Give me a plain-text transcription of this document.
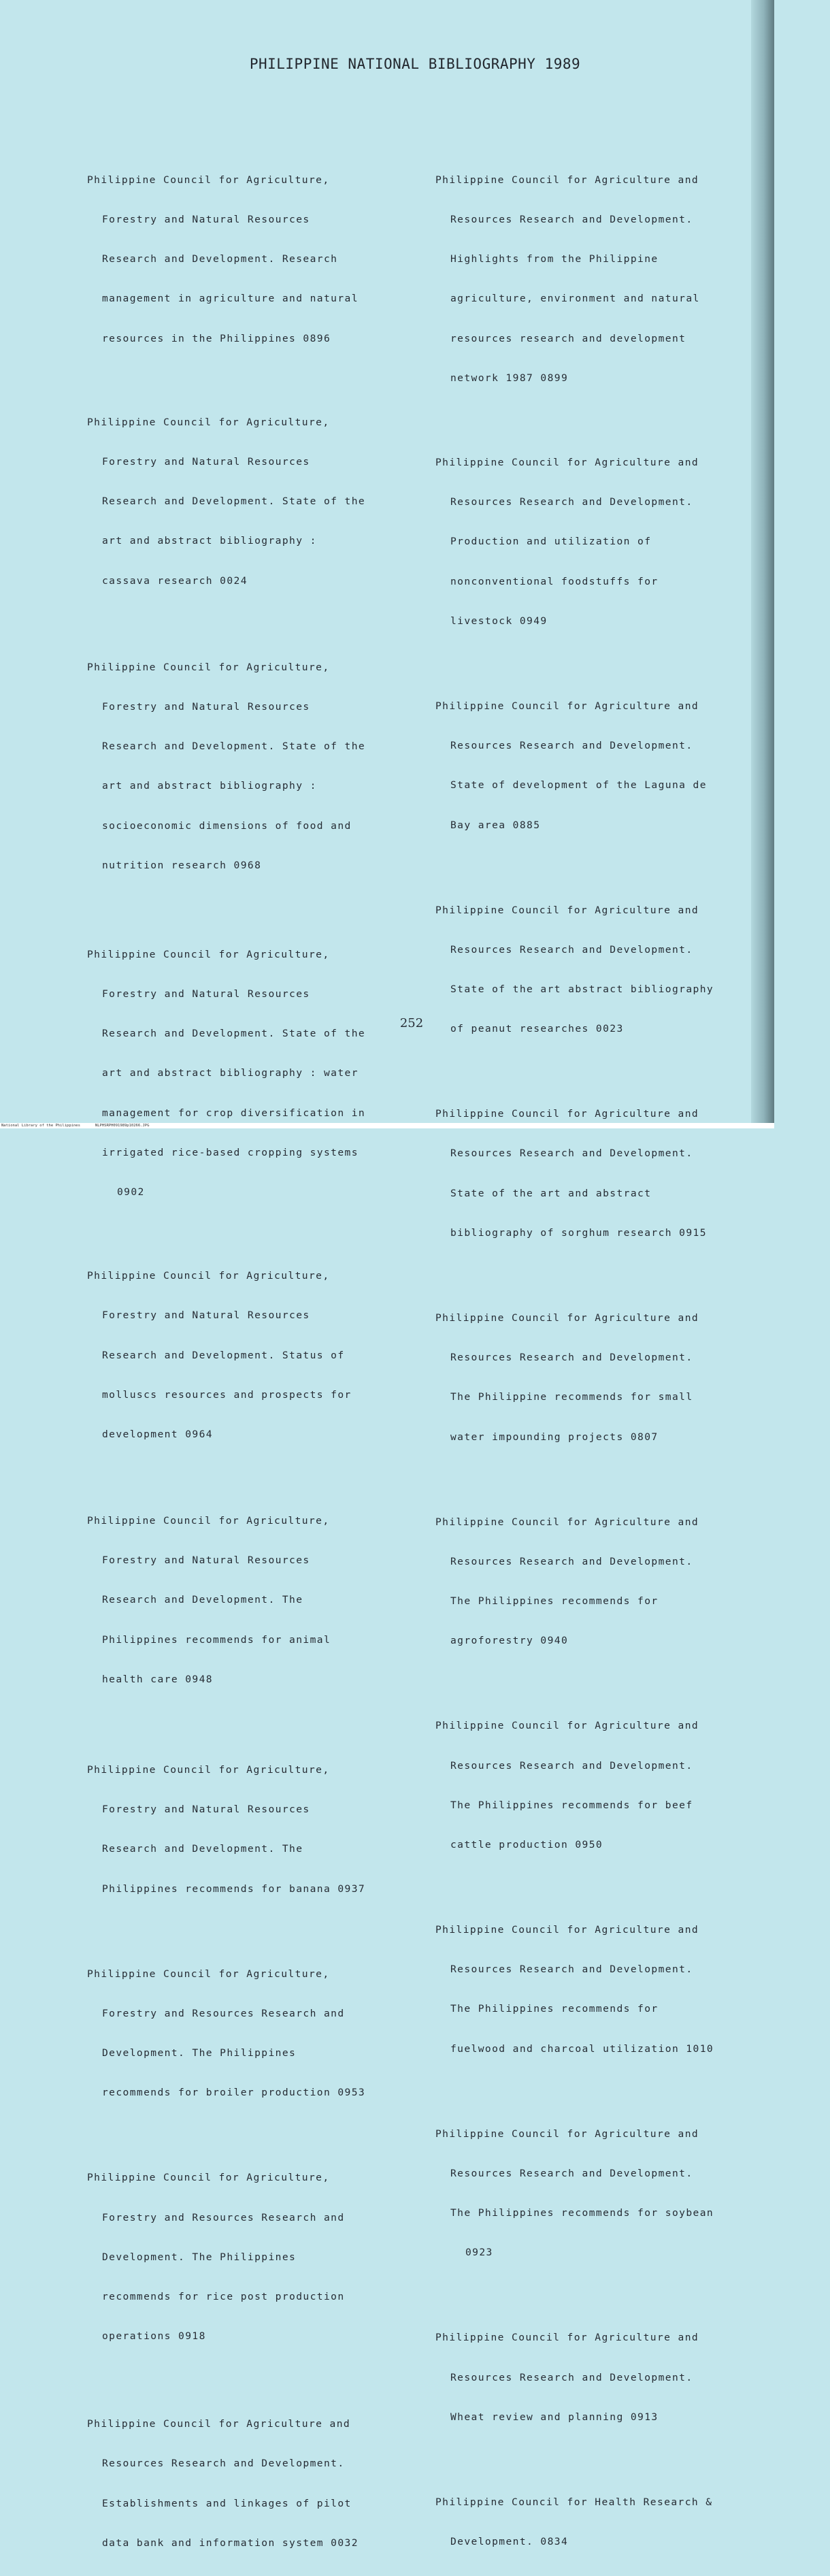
PHILIPPINE NATIONAL BIBLIOGRAPHY 1989

Philippine Council for Agriculture,

Forestry and Natural Resources

Research and Development. Research

management in agriculture and natural

resources in the Philippines 0896

Philippine Council for Agriculture,

Forestry and Natural Resources

Research and Development. State of the

art and abstract bibliography :

cassava research 0024

Philippine Council for Agriculture,

Forestry and Natural Resources

Research and Development. State of the

art and abstract bibliography :

socioeconomic dimensions of food and

nutrition research 0968

Philippine Council for Agriculture,

Forestry and Natural Resources

Research and Development. State of the

art and abstract bibliography : water

management for crop diversification in

irrigated rice-based cropping systems

0902

Philippine Council for Agriculture,

Forestry and Natural Resources

Research and Development. Status of

molluscs resources and prospects for

development 0964

Philippine Council for Agriculture,

Forestry and Natural Resources

Research and Development. The

Philippines recommends for animal

health care 0948

Philippine Council for Agriculture,

Forestry and Natural Resources

Research and Development. The

Philippines recommends for banana 0937

Philippine Council for Agriculture,

Forestry and Resources Research and

Development. The Philippines

recommends for broiler production 0953

Philippine Council for Agriculture,

Forestry and Resources Research and

Development. The Philippines

recommends for rice post production

operations 0918

Philippine Council for Agriculture and

Resources Research and Development.

Establishments and linkages of pilot

data bank and information system 0032

Philippine Council for Agriculture and

Resources Research and Development.

Highlights from the Philippine

agriculture, environment and natural

resources research and development

network 1987 0899

Philippine Council for Agriculture and

Resources Research and Development.

Production and utilization of

nonconventional foodstuffs for

livestock 0949

Philippine Council for Agriculture and

Resources Research and Development.

State of development of the Laguna de

Bay area 0885

Philippine Council for Agriculture and

Resources Research and Development.

State of the art abstract bibliography

of peanut researches 0023

Philippine Council for Agriculture and

Resources Research and Development.

State of the art and abstract

bibliography of sorghum research 0915

Philippine Council for Agriculture and

Resources Research and Development.

The Philippine recommends for small

water impounding projects 0807

Philippine Council for Agriculture and

Resources Research and Development.

The Philippines recommends for

agroforestry 0940

Philippine Council for Agriculture and

Resources Research and Development.

The Philippines recommends for beef

cattle production 0950

Philippine Council for Agriculture and

Resources Research and Development.

The Philippines recommends for

fuelwood and charcoal utilization 1010

Philippine Council for Agriculture and

Resources Research and Development.

The Philippines recommends for soybean

0923

Philippine Council for Agriculture and

Resources Research and Development.

Wheat review and planning 0913

Philippine Council for Health Research &

Development. 0834

252

National Library of the Philippines	NLPHSRPH091989p10266.JPG
